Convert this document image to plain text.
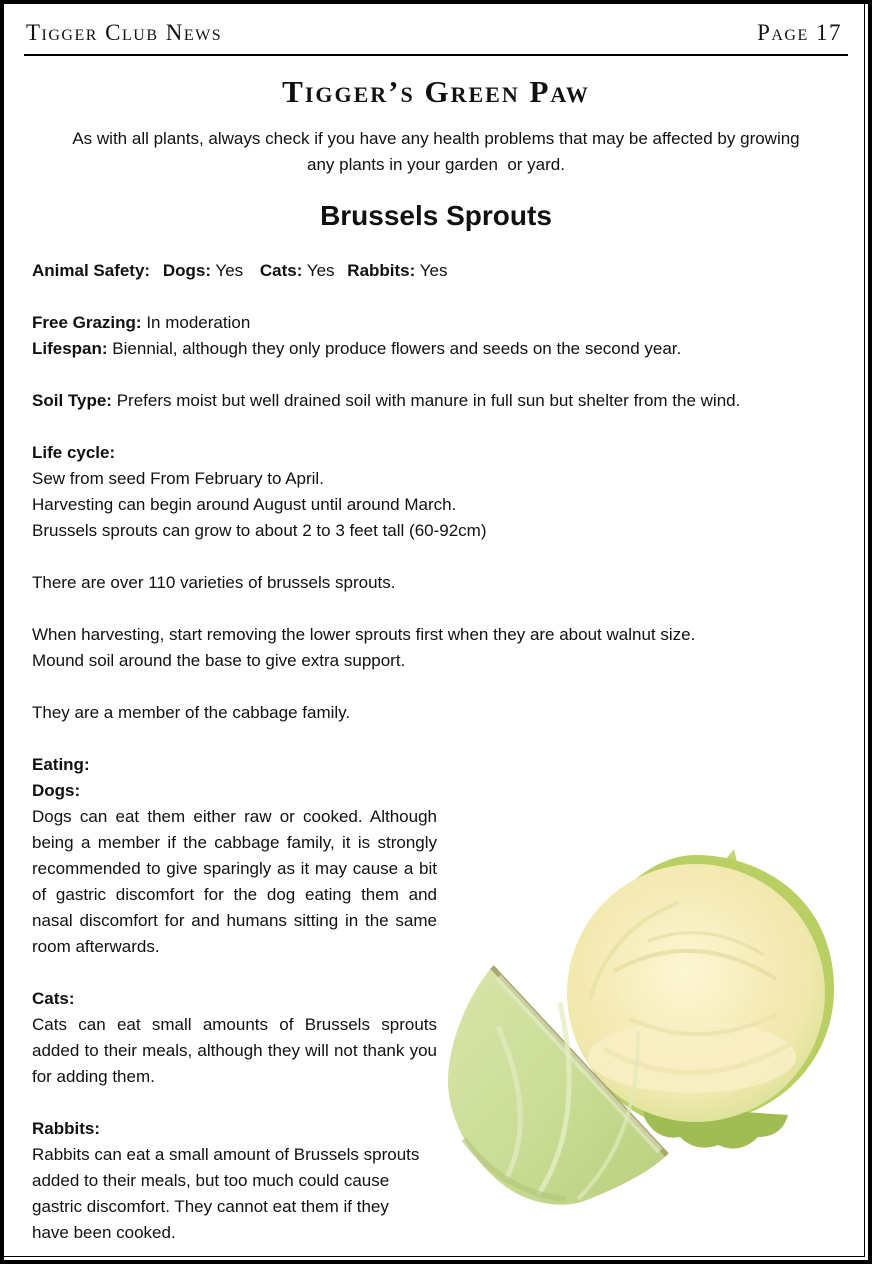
Tigger Club News	Page 17
Tigger’s Green Paw
As with all plants, always check if you have any health problems that may be affected by growing
any plants in your garden  or yard.
Brussels Sprouts

Animal Safety: Dogs: Yes Cats: Yes Rabbits: Yes

Free Grazing: In moderation

Lifespan: Biennial, although they only produce flowers and seeds on the second year.

Soil Type: Prefers moist but well drained soil with manure in full sun but shelter from the wind.

Life cycle:

Sew from seed From February to April.

Harvesting can begin around August until around March.

Brussels sprouts can grow to about 2 to 3 feet tall (60-92cm)

There are over 110 varieties of brussels sprouts.

When harvesting, start removing the lower sprouts first when they are about walnut size.

Mound soil around the base to give extra support.

They are a member of the cabbage family.

Eating:

Dogs:

Dogs can eat them either raw or cooked. Although being a member if the cabbage family, it is strongly recommended to give sparingly as it may cause a bit of gastric discomfort for the dog eating them and nasal discomfort for and humans sitting in the same room afterwards.

Cats:

Cats can eat small amounts of Brussels sprouts added to their meals, although they will not thank you for adding them.

Rabbits:

Rabbits can eat a small amount of Brussels sprouts added to their meals, but too much could cause gastric discomfort. They cannot eat them if they have been cooked.
